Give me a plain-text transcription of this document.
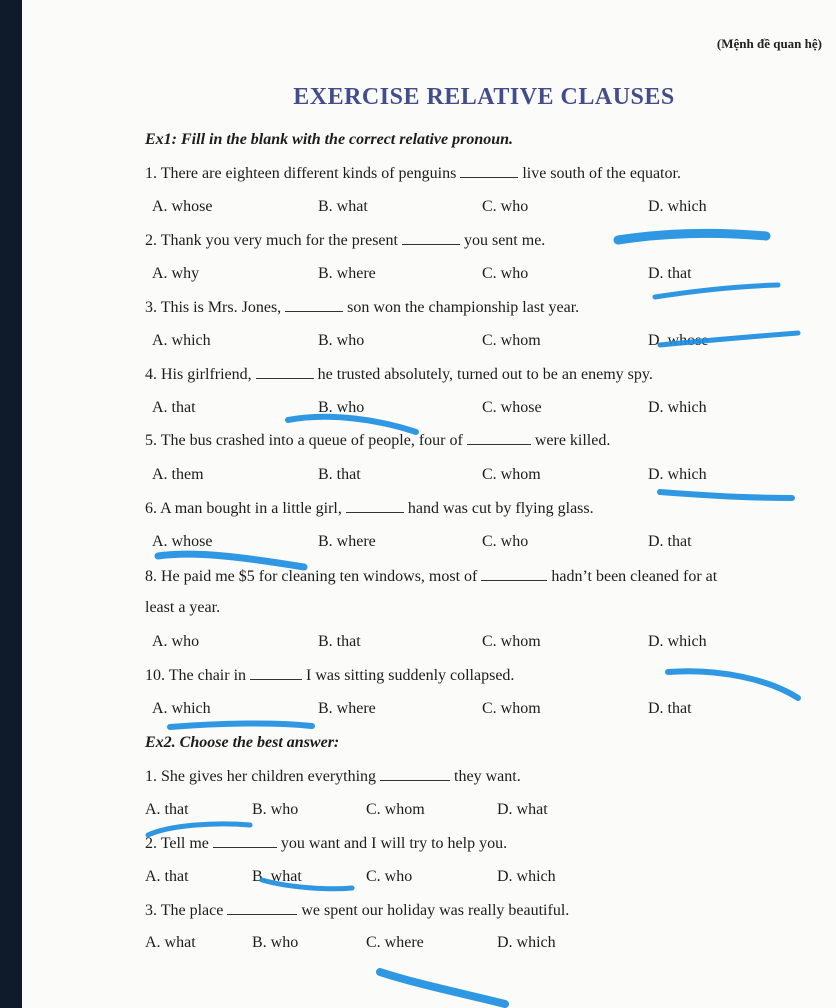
(Mệnh đề quan hệ)
EXERCISE RELATIVE CLAUSES
Ex1: Fill in the blank with the correct relative pronoun.
1. There are eighteen different kinds of penguins	live south of the equator.
A. whose	B. what	C. who	D. which
2. Thank you very much for the present	you sent me.
A. why	B. where	C. who	D. that
3. This is Mrs. Jones,	son won the championship last year.
A. which	B. who	C. whom	D. whose
4. His girlfriend,	he trusted absolutely, turned out to be an enemy spy.
A. that	B. who	C. whose	D. which
5. The bus crashed into a queue of people, four of	were killed.
A. them	B. that	C. whom	D. which
6. A man bought in a little girl,	hand was cut by flying glass.
A. whose	B. where	C. who	D. that
8. He paid me $5 for cleaning ten windows, most of	hadn’t been cleaned for at
least a year.
A. who	B. that	C. whom	D. which
10. The chair in	I was sitting suddenly collapsed.
A. which	B. where	C. whom	D. that
Ex2. Choose the best answer:
1. She gives her children everything	they want.
A. that	B. who	C. whom	D. what
2. Tell me	you want and I will try to help you.
A. that	B. what	C. who	D. which
3. The place	we spent our holiday was really beautiful.
A. what	B. who	C. where	D. which
